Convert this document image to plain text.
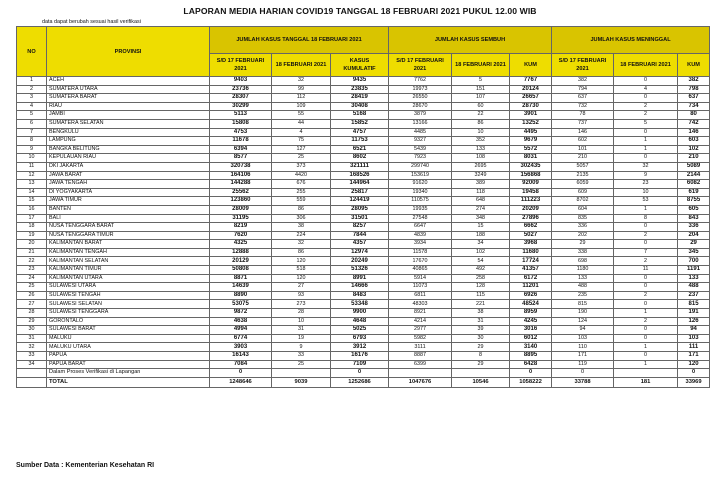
LAPORAN MEDIA HARIAN COVID19 TANGGAL 18 FEBRUARI 2021 PUKUL 12.00 WIB
data dapat berubah sesuai hasil verifikasi
NO	PROVINSI	JUMLAH KASUS TANGGAL 18 FEBRUARI 2021			JUMLAH KASUS SEMBUH			JUMLAH KASUS MENINGGAL		
		S/D 17 FEBRUARI 2021	18 FEBRUARI 2021	KASUS KUMULATIF	S/D 17 FEBRUARI 2021	18 FEBRUARI 2021	KUM	S/D 17 FEBRUARI 2021	18 FEBRUARI 2021	KUM
1	ACEH	9403	32	9435	7762	5	7767	382	0	382
2	SUMATERA UTARA	23736	99	23835	19973	151	20124	794	4	798
3	SUMATERA BARAT	28307	112	28419	26550	107	26657	637	0	637
4	RIAU	30299	109	30408	28670	60	28730	732	2	734
5	JAMBI	5113	55	5168	3879	22	3901	78	2	80
6	SUMATERA SELATAN	15808	44	15852	13166	86	13252	737	5	742
7	BENGKULU	4753	4	4757	4485	10	4495	146	0	146
8	LAMPUNG	11678	75	11753	9327	352	9679	602	1	603
9	BANGKA BELITUNG	6394	127	6521	5439	133	5572	101	1	102
10	KEPULAUAN RIAU	8577	25	8602	7923	108	8031	210	0	210
11	DKI JAKARTA	320738	373	321111	299740	2695	302435	5057	32	5089
12	JAWA BARAT	164106	4420	168526	153619	3249	156868	2135	9	2144
13	JAWA TENGAH	144288	676	144964	91620	389	92009	6059	23	6082
14	DI YOGYAKARTA	25562	255	25817	19340	118	19458	609	10	619
15	JAWA TIMUR	123860	559	124419	110575	648	111223	8702	53	8755
16	BANTEN	28009	86	28095	19935	274	20209	604	1	605
17	BALI	31195	306	31501	27548	348	27896	835	8	843
18	NUSA TENGGARA BARAT	8219	38	8257	6647	15	6662	336	0	336
19	NUSA TENGGARA TIMUR	7620	224	7844	4839	188	5027	202	2	204
20	KALIMANTAN BARAT	4325	32	4357	3934	34	3968	29	0	29
21	KALIMANTAN TENGAH	12888	86	12974	11578	102	11680	338	7	345
22	KALIMANTAN SELATAN	20129	120	20249	17670	54	17724	698	2	700
23	KALIMANTAN TIMUR	50808	518	51326	40865	492	41357	1180	11	1191
24	KALIMANTAN UTARA	8871	120	8991	5914	258	6172	133	0	133
25	SULAWESI UTARA	14639	27	14666	11073	128	11201	488	0	488
26	SULAWESI TENGAH	8890	93	8483	6811	115	6926	235	2	237
27	SULAWESI SELATAN	53075	273	53348	48303	221	48524	815	0	815
28	SULAWESI TENGGARA	9872	28	9900	8921	38	8959	190	1	191
29	GORONTALO	4638	10	4648	4214	31	4245	124	2	126
30	SULAWESI BARAT	4994	31	5025	2977	39	3016	94	0	94
31	MALUKU	6774	19	6793	5982	30	6012	103	0	103
32	MALUKU UTARA	3903	9	3912	3111	29	3140	110	1	111
33	PAPUA	16143	33	16176	8887	8	8895	171	0	171
34	PAPUA BARAT	7084	25	7109	6399	29	6428	119	1	120
	Dalam Proses Verifikasi di Lapangan	0		0			0	0		0
	TOTAL	1248646	9039	1252686	1047676	10546	1058222	33788	181	33969
Sumber Data : Kementerian Kesehatan RI
